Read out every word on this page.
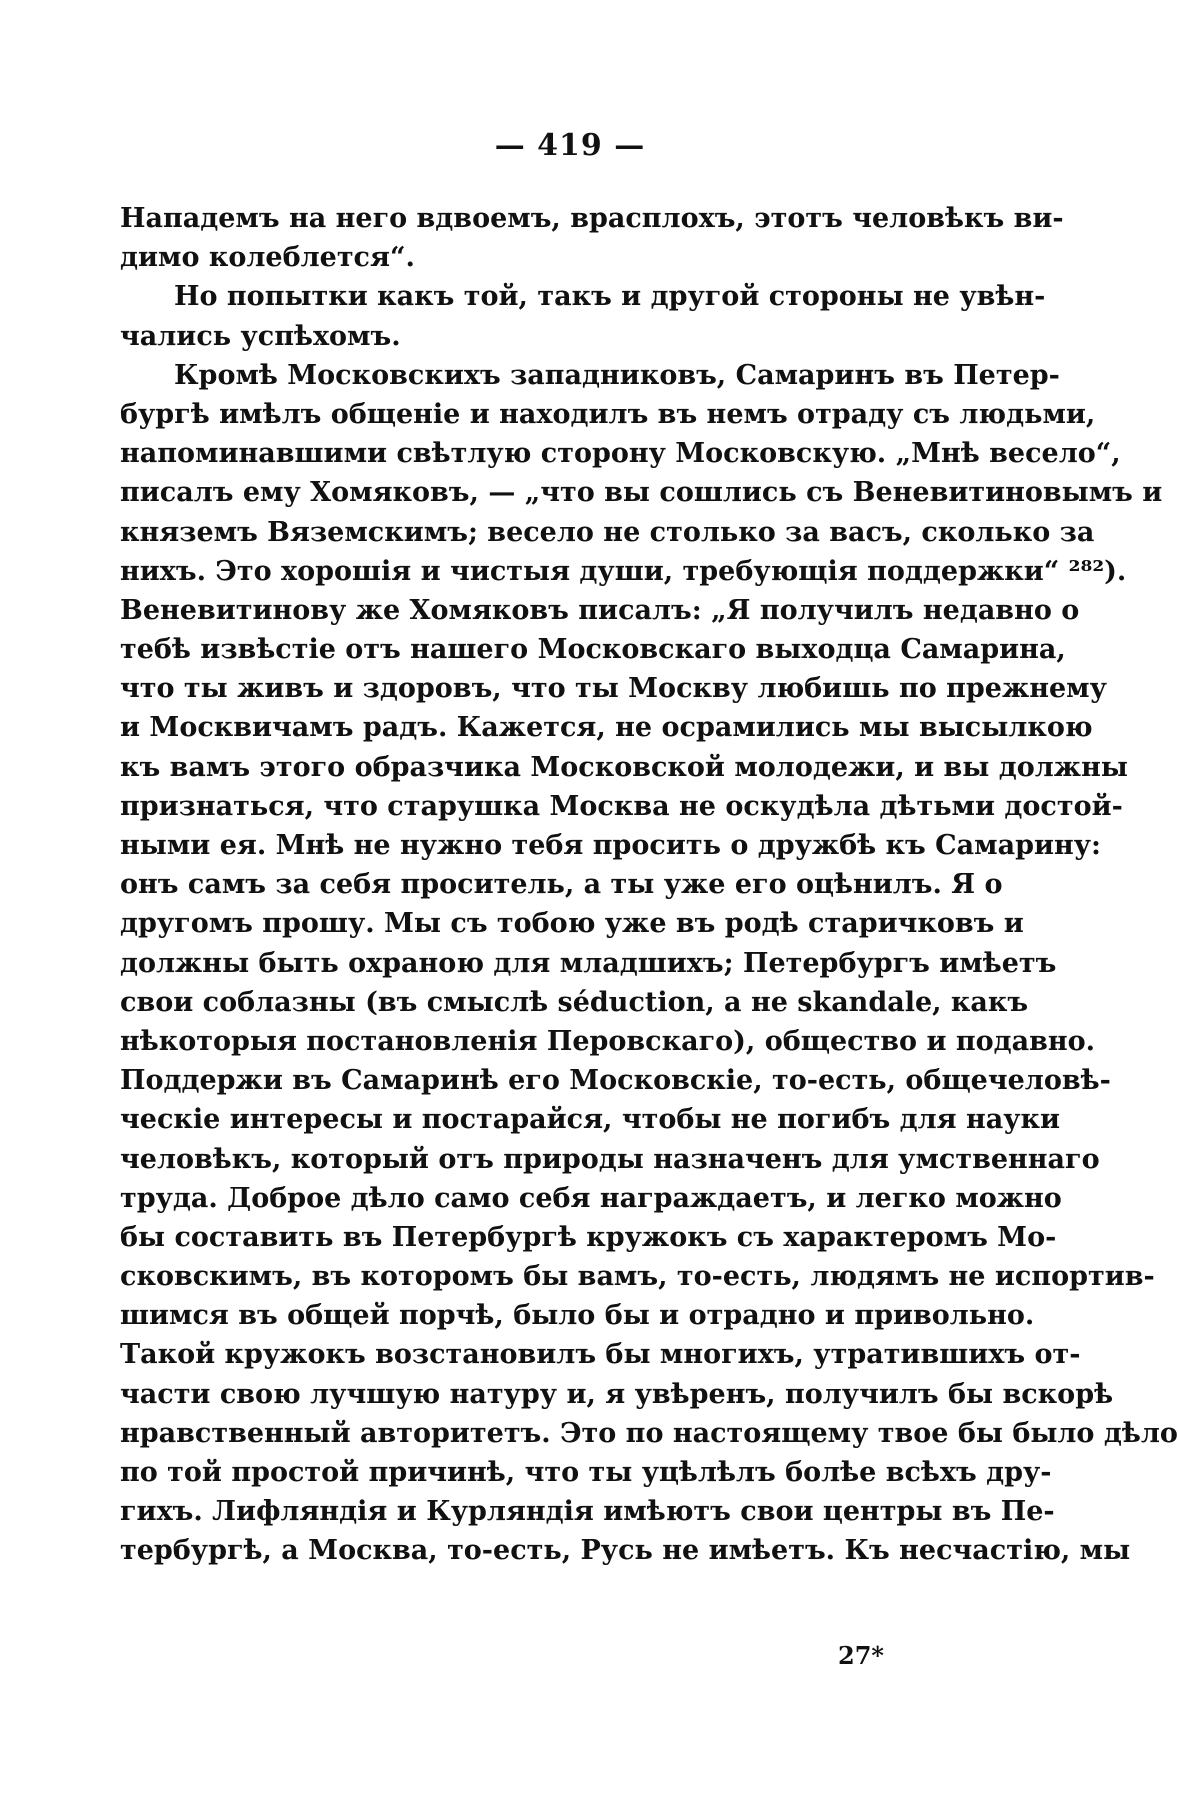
— 419 —
Нападемъ на него вдвоемъ, врасплохъ, этотъ человѣкъ ви-
димо колеблется“.
Но попытки какъ той, такъ и другой стороны не увѣн-
чались успѣхомъ.
Кромѣ Московскихъ западниковъ, Самаринъ въ Петер-
бургѣ имѣлъ общеніе и находилъ въ немъ отраду съ людьми,
напоминавшими свѣтлую сторону Московскую. „Мнѣ весело“,
писалъ ему Хомяковъ, — „что вы сошлись съ Веневитиновымъ и
княземъ Вяземскимъ; весело не столько за васъ, сколько за
нихъ. Это хорошія и чистыя души, требующія поддержки“ ²⁸²).
Веневитинову же Хомяковъ писалъ: „Я получилъ недавно о
тебѣ извѣстіе отъ нашего Московскаго выходца Самарина,
что ты живъ и здоровъ, что ты Москву любишь по прежнему
и Москвичамъ радъ. Кажется, не осрамились мы высылкою
къ вамъ этого образчика Московской молодежи, и вы должны
признаться, что старушка Москва не оскудѣла дѣтьми достой-
ными ея. Мнѣ не нужно тебя просить о дружбѣ къ Самарину:
онъ самъ за себя проситель, а ты уже его оцѣнилъ. Я о
другомъ прошу. Мы съ тобою уже въ родѣ старичковъ и
должны быть охраною для младшихъ; Петербургъ имѣетъ
свои соблазны (въ смыслѣ séduction, а не skandale, какъ
нѣкоторыя постановленія Перовскаго), общество и подавно.
Поддержи въ Самаринѣ его Московскіе, то-есть, общечеловѣ-
ческіе интересы и постарайся, чтобы не погибъ для науки
человѣкъ, который отъ природы назначенъ для умственнаго
труда. Доброе дѣло само себя награждаетъ, и легко можно
бы составить въ Петербургѣ кружокъ съ характеромъ Мо-
сковскимъ, въ которомъ бы вамъ, то-есть, людямъ не испортив-
шимся въ общей порчѣ, было бы и отрадно и привольно.
Такой кружокъ возстановилъ бы многихъ, утратившихъ от-
части свою лучшую натуру и, я увѣренъ, получилъ бы вскорѣ
нравственный авторитетъ. Это по настоящему твое бы было дѣло
по той простой причинѣ, что ты уцѣлѣлъ болѣе всѣхъ дру-
гихъ. Лифляндія и Курляндія имѣютъ свои центры въ Пе-
тербургѣ, а Москва, то-есть, Русь не имѣетъ. Къ несчастію, мы
27*
